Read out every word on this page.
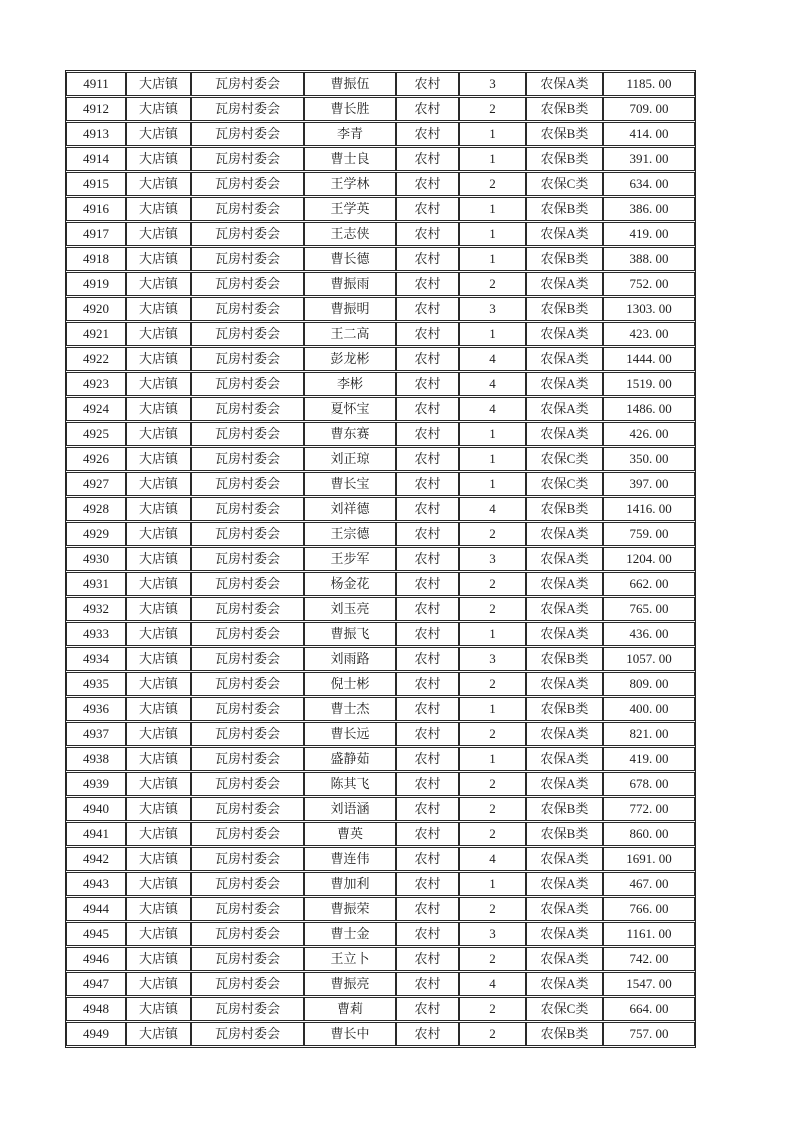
4911	大店镇	瓦房村委会	曹振伍	农村	3	农保A类	1185. 00
4912	大店镇	瓦房村委会	曹长胜	农村	2	农保B类	709. 00
4913	大店镇	瓦房村委会	李青	农村	1	农保B类	414. 00
4914	大店镇	瓦房村委会	曹士良	农村	1	农保B类	391. 00
4915	大店镇	瓦房村委会	王学林	农村	2	农保C类	634. 00
4916	大店镇	瓦房村委会	王学英	农村	1	农保B类	386. 00
4917	大店镇	瓦房村委会	王志侠	农村	1	农保A类	419. 00
4918	大店镇	瓦房村委会	曹长德	农村	1	农保B类	388. 00
4919	大店镇	瓦房村委会	曹振雨	农村	2	农保A类	752. 00
4920	大店镇	瓦房村委会	曹振明	农村	3	农保B类	1303. 00
4921	大店镇	瓦房村委会	王二高	农村	1	农保A类	423. 00
4922	大店镇	瓦房村委会	彭龙彬	农村	4	农保A类	1444. 00
4923	大店镇	瓦房村委会	李彬	农村	4	农保A类	1519. 00
4924	大店镇	瓦房村委会	夏怀宝	农村	4	农保A类	1486. 00
4925	大店镇	瓦房村委会	曹东赛	农村	1	农保A类	426. 00
4926	大店镇	瓦房村委会	刘正琼	农村	1	农保C类	350. 00
4927	大店镇	瓦房村委会	曹长宝	农村	1	农保C类	397. 00
4928	大店镇	瓦房村委会	刘祥德	农村	4	农保B类	1416. 00
4929	大店镇	瓦房村委会	王宗德	农村	2	农保A类	759. 00
4930	大店镇	瓦房村委会	王步军	农村	3	农保A类	1204. 00
4931	大店镇	瓦房村委会	杨金花	农村	2	农保A类	662. 00
4932	大店镇	瓦房村委会	刘玉亮	农村	2	农保A类	765. 00
4933	大店镇	瓦房村委会	曹振飞	农村	1	农保A类	436. 00
4934	大店镇	瓦房村委会	刘雨路	农村	3	农保B类	1057. 00
4935	大店镇	瓦房村委会	倪士彬	农村	2	农保A类	809. 00
4936	大店镇	瓦房村委会	曹士杰	农村	1	农保B类	400. 00
4937	大店镇	瓦房村委会	曹长远	农村	2	农保A类	821. 00
4938	大店镇	瓦房村委会	盛静茹	农村	1	农保A类	419. 00
4939	大店镇	瓦房村委会	陈其飞	农村	2	农保A类	678. 00
4940	大店镇	瓦房村委会	刘语涵	农村	2	农保B类	772. 00
4941	大店镇	瓦房村委会	曹英	农村	2	农保B类	860. 00
4942	大店镇	瓦房村委会	曹连伟	农村	4	农保A类	1691. 00
4943	大店镇	瓦房村委会	曹加利	农村	1	农保A类	467. 00
4944	大店镇	瓦房村委会	曹振荣	农村	2	农保A类	766. 00
4945	大店镇	瓦房村委会	曹士金	农村	3	农保A类	1161. 00
4946	大店镇	瓦房村委会	王立卜	农村	2	农保A类	742. 00
4947	大店镇	瓦房村委会	曹振亮	农村	4	农保A类	1547. 00
4948	大店镇	瓦房村委会	曹莉	农村	2	农保C类	664. 00
4949	大店镇	瓦房村委会	曹长中	农村	2	农保B类	757. 00
